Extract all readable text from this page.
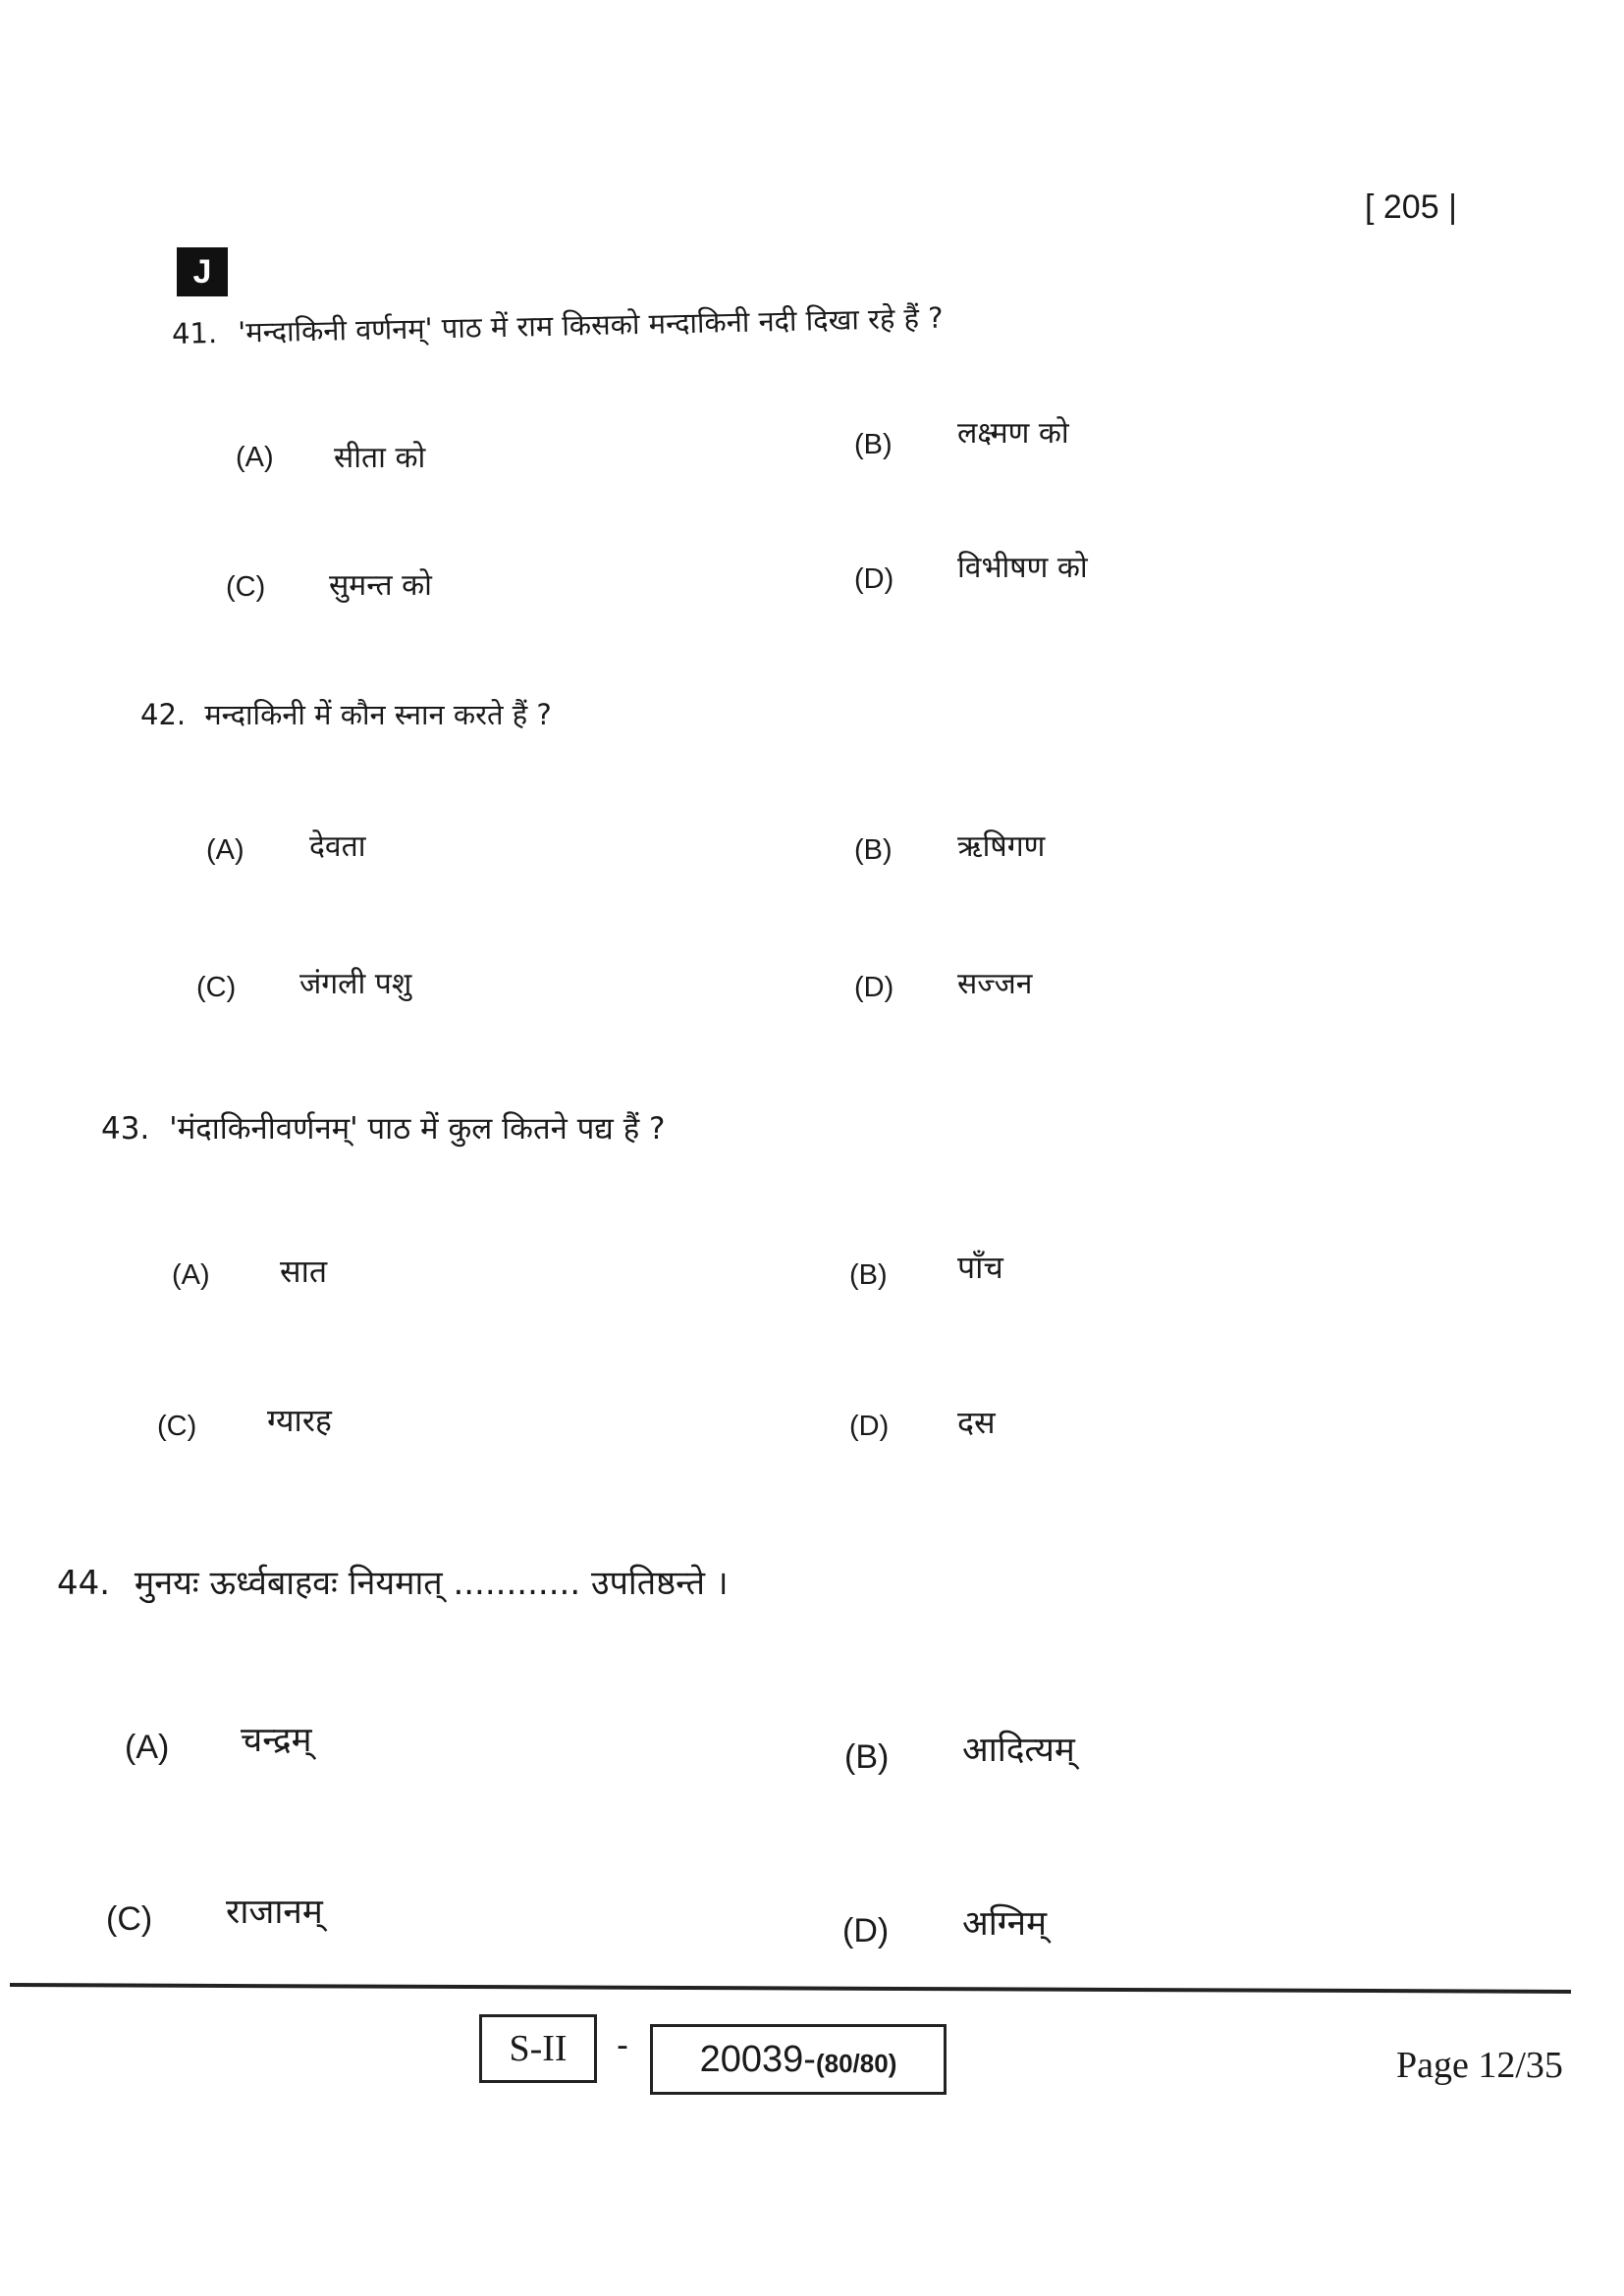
[ 205 |
J
41. 'मन्दाकिनी वर्णनम्' पाठ में राम किसको मन्दाकिनी नदी दिखा रहे हैं ?
(A) सीता को	(B) लक्ष्मण को
(C) सुमन्त को	(D) विभीषण को
42. मन्दाकिनी में कौन स्नान करते हैं ?
(A) देवता	(B) ऋषिगण
(C) जंगली पशु	(D) सज्जन
43. 'मंदाकिनीवर्णनम्' पाठ में कुल कितने पद्य हैं ?
(A) सात	(B) पाँच
(C) ग्यारह	(D) दस
44. मुनयः ऊर्ध्वबाहवः नियमात् ............ उपतिष्ठन्ते ।
(A) चन्द्रम्	(B) आदित्यम्
(C) राजानम्	(D) अग्निम्
S-II	- 20039- (80/80)	Page 12/35
